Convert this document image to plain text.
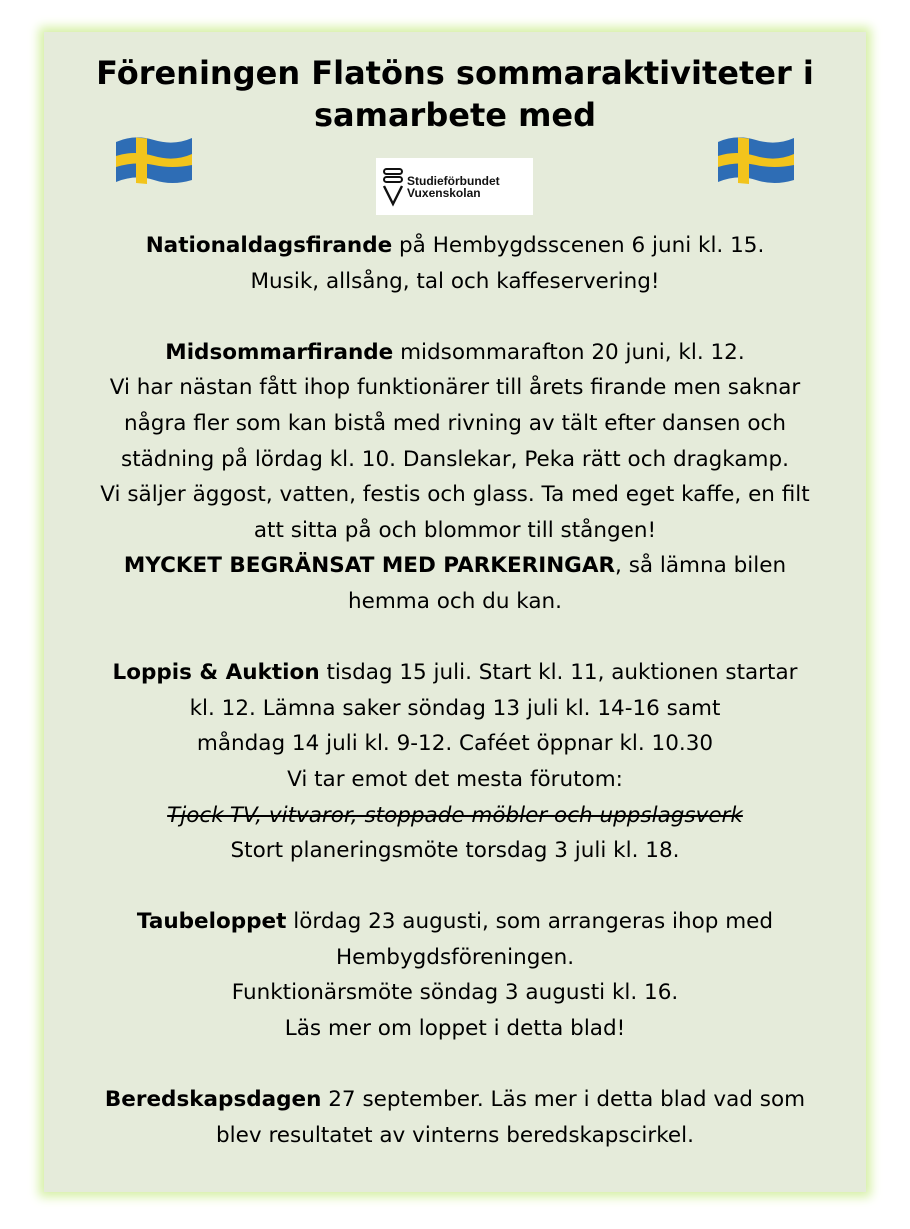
Föreningen Flatöns sommaraktiviteter i
samarbete med
Studieförbundet
Vuxenskolan

Nationaldagsfirande på Hembygdsscenen 6 juni kl. 15.

Musik, allsång, tal och kaffeservering!

Midsommarfirande midsommarafton 20 juni, kl. 12.

Vi har nästan fått ihop funktionärer till årets firande men saknar

några fler som kan bistå med rivning av tält efter dansen och

städning på lördag kl. 10. Danslekar, Peka rätt och dragkamp.

Vi säljer äggost, vatten, festis och glass. Ta med eget kaffe, en filt

att sitta på och blommor till stången!

MYCKET BEGRÄNSAT MED PARKERINGAR, så lämna bilen

hemma och du kan.

Loppis & Auktion tisdag 15 juli. Start kl. 11, auktionen startar

kl. 12. Lämna saker söndag 13 juli kl. 14-16 samt

måndag 14 juli kl. 9-12. Caféet öppnar kl. 10.30

Vi tar emot det mesta förutom:

Tjock-TV, vitvaror, stoppade möbler och uppslagsverk

Stort planeringsmöte torsdag 3 juli kl. 18.

Taubeloppet lördag 23 augusti, som arrangeras ihop med

Hembygdsföreningen.

Funktionärsmöte söndag 3 augusti kl. 16.

Läs mer om loppet i detta blad!

Beredskapsdagen 27 september. Läs mer i detta blad vad som

blev resultatet av vinterns beredskapscirkel.
